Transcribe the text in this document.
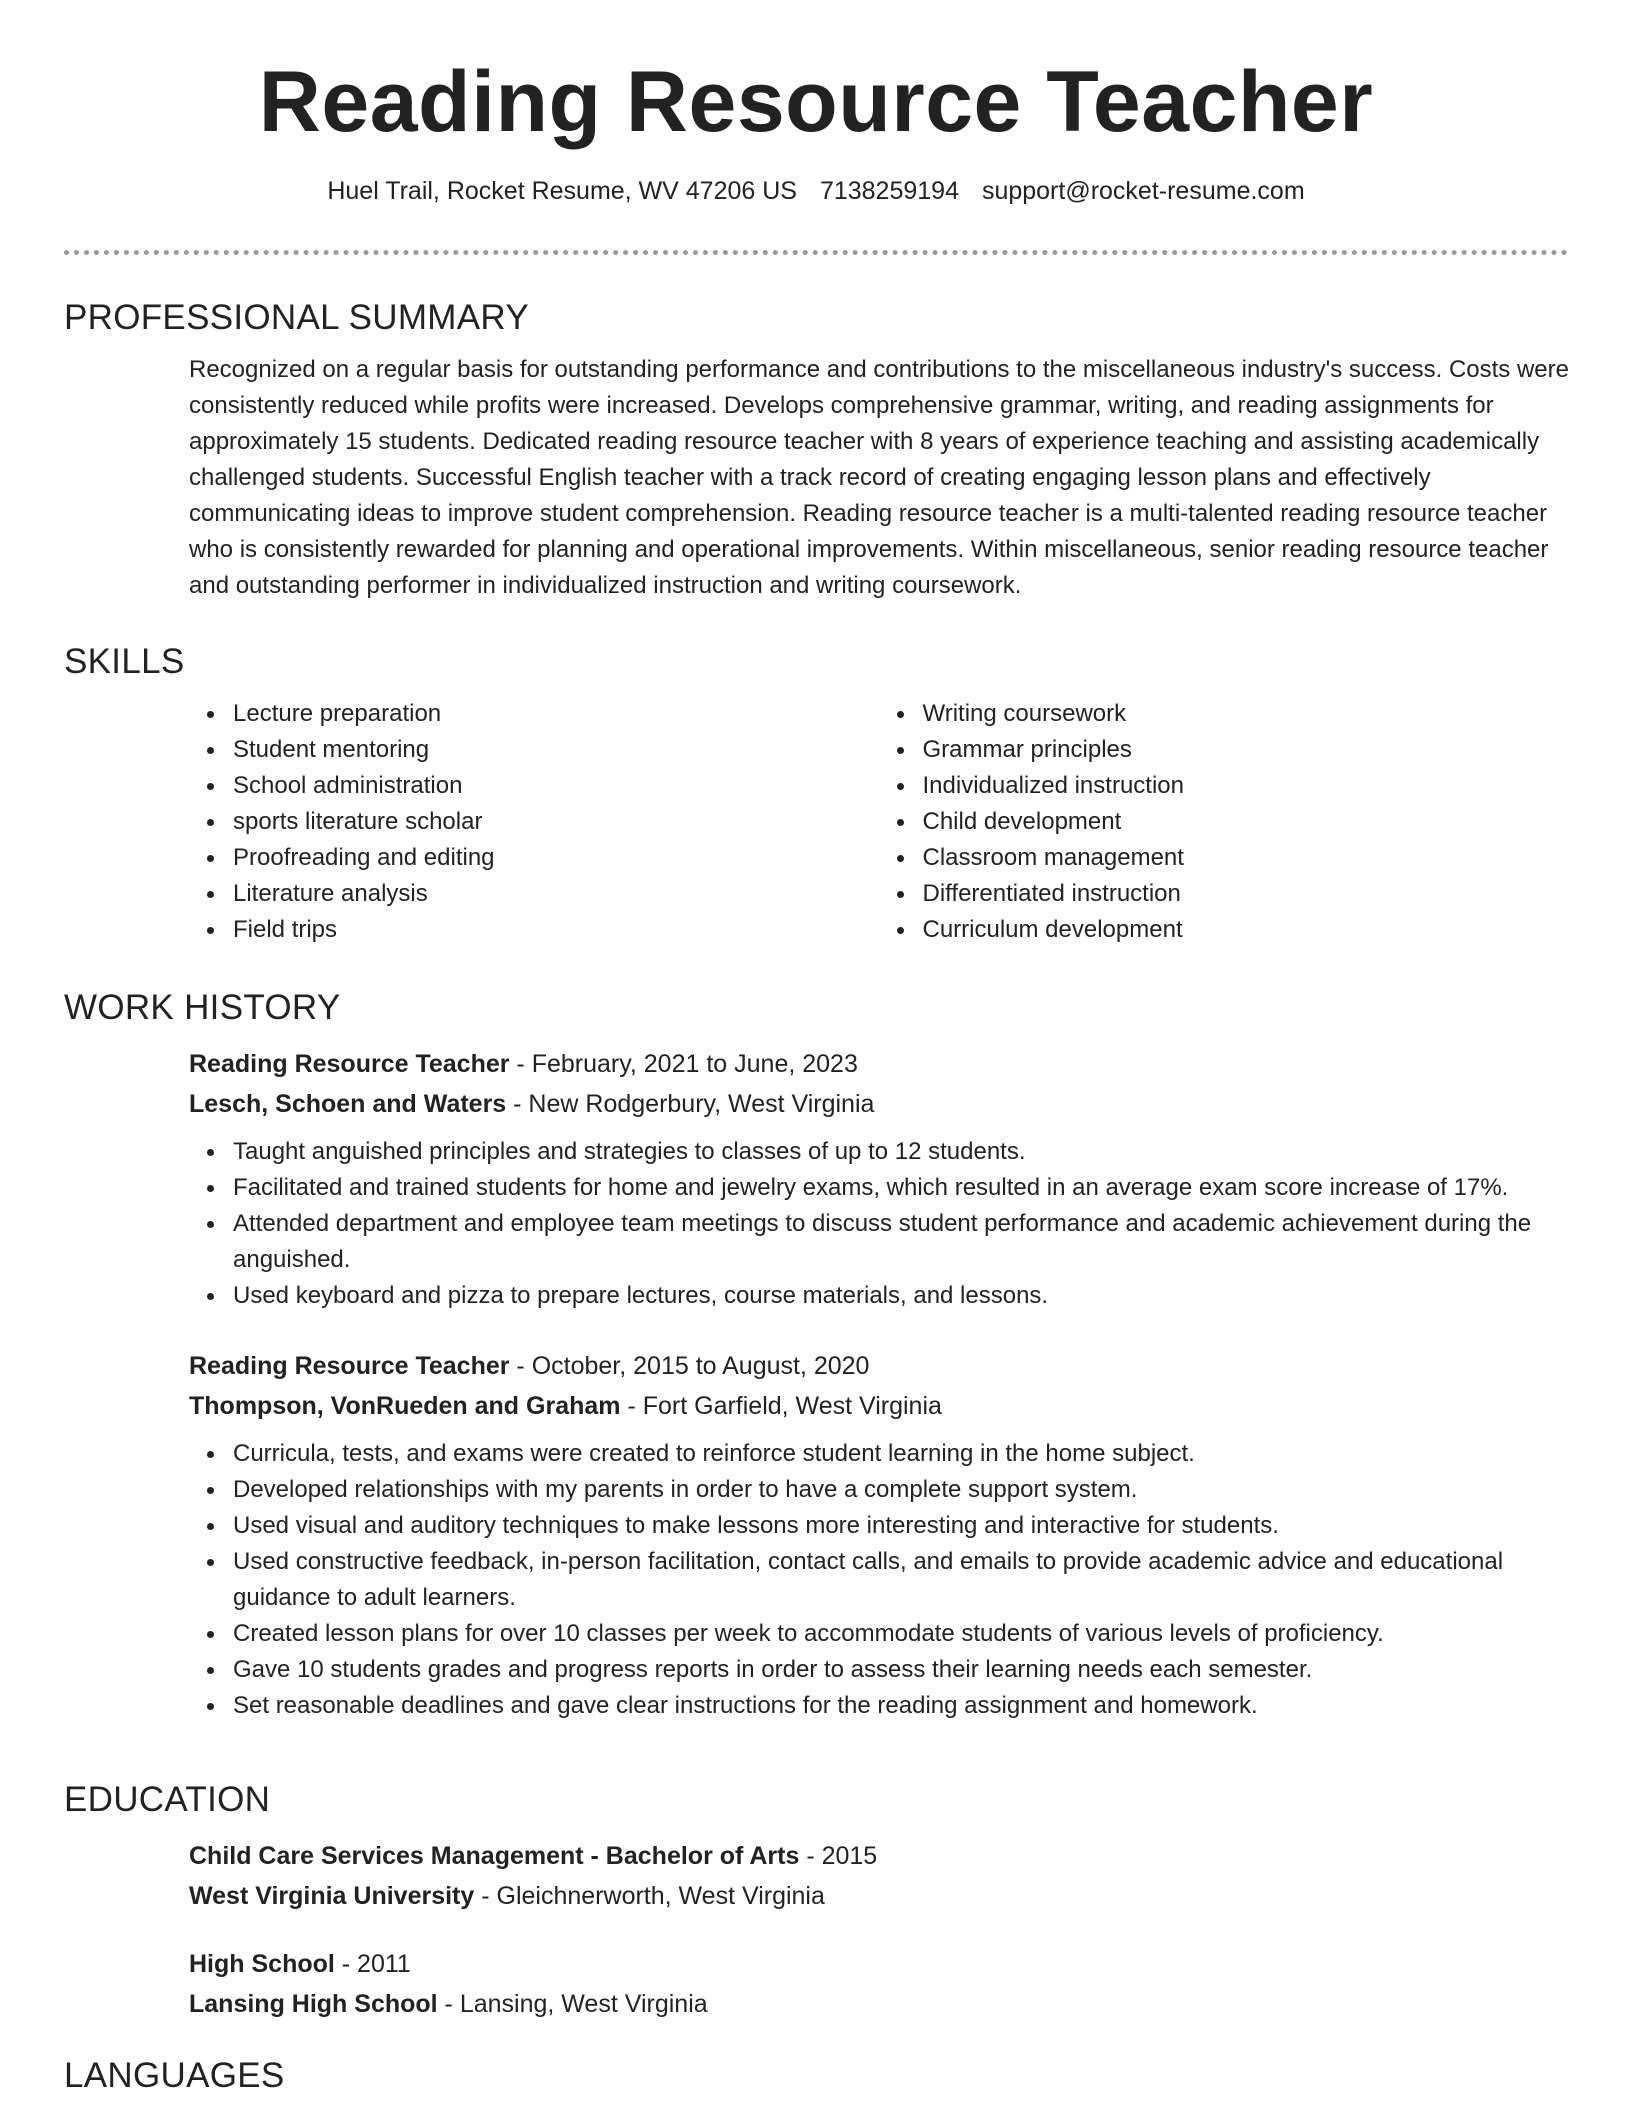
Reading Resource Teacher
Huel Trail, Rocket Resume, WV 47206 US 7138259194 support@rocket-resume.com
PROFESSIONAL SUMMARY

Recognized on a regular basis for outstanding performance and contributions to the miscellaneous industry's success. Costs were consistently reduced while profits were increased. Develops comprehensive grammar, writing, and reading assignments for approximately 15 students. Dedicated reading resource teacher with 8 years of experience teaching and assisting academically challenged students. Successful English teacher with a track record of creating engaging lesson plans and effectively communicating ideas to improve student comprehension. Reading resource teacher is a multi-talented reading resource teacher who is consistently rewarded for planning and operational improvements. Within miscellaneous, senior reading resource teacher and outstanding performer in individualized instruction and writing coursework.

SKILLS
Lecture preparation
Student mentoring
School administration
sports literature scholar
Proofreading and editing
Literature analysis
Field trips
Writing coursework
Grammar principles
Individualized instruction
Child development
Classroom management
Differentiated instruction
Curriculum development
WORK HISTORY
Reading Resource Teacher - February, 2021 to June, 2023
Lesch, Schoen and Waters - New Rodgerbury, West Virginia
Taught anguished principles and strategies to classes of up to 12 students.
Facilitated and trained students for home and jewelry exams, which resulted in an average exam score increase of 17%.
Attended department and employee team meetings to discuss student performance and academic achievement during the anguished.
Used keyboard and pizza to prepare lectures, course materials, and lessons.
Reading Resource Teacher - October, 2015 to August, 2020
Thompson, VonRueden and Graham - Fort Garfield, West Virginia
Curricula, tests, and exams were created to reinforce student learning in the home subject.
Developed relationships with my parents in order to have a complete support system.
Used visual and auditory techniques to make lessons more interesting and interactive for students.
Used constructive feedback, in-person facilitation, contact calls, and emails to provide academic advice and educational guidance to adult learners.
Created lesson plans for over 10 classes per week to accommodate students of various levels of proficiency.
Gave 10 students grades and progress reports in order to assess their learning needs each semester.
Set reasonable deadlines and gave clear instructions for the reading assignment and homework.
EDUCATION
Child Care Services Management - Bachelor of Arts - 2015
West Virginia University - Gleichnerworth, West Virginia
High School - 2011
Lansing High School - Lansing, West Virginia
LANGUAGES
